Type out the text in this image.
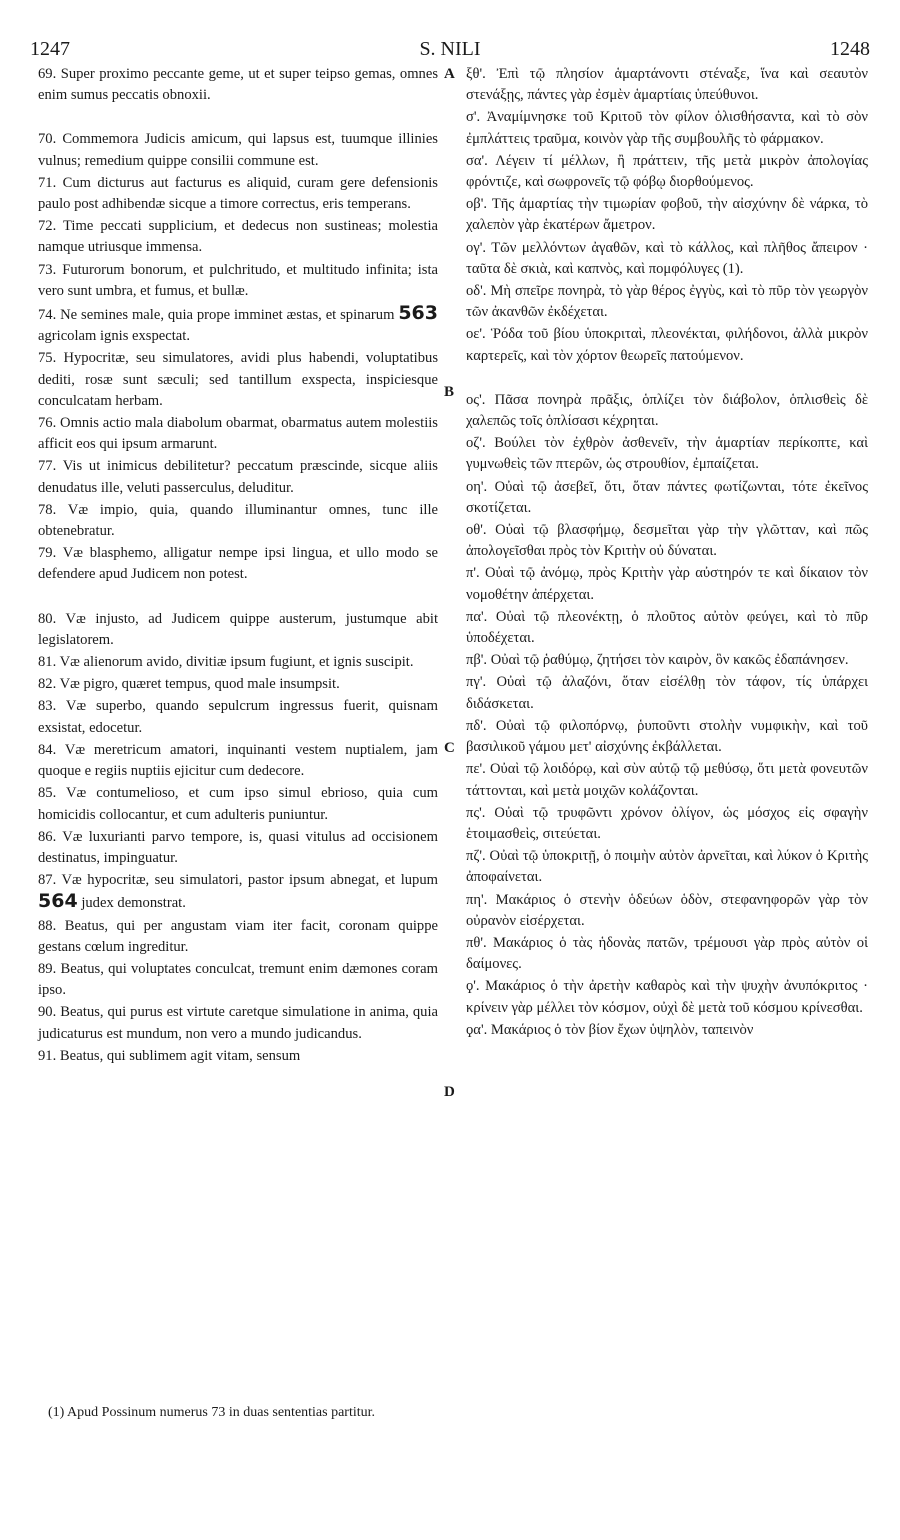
1247	S. NILI	1248

69. Super proximo peccante geme, ut et super teipso gemas, omnes enim sumus peccatis obnoxii.

70. Commemora Judicis amicum, qui lapsus est, tuumque illinies vulnus; remedium quippe consilii commune est.

71. Cum dicturus aut facturus es aliquid, curam gere defensionis paulo post adhibendæ sicque a timore correctus, eris temperans.

72. Time peccati supplicium, et dedecus non sustineas; molestia namque utriusque immensa.

73. Futurorum bonorum, et pulchritudo, et multitudo infinita; ista vero sunt umbra, et fumus, et bullæ.

74. Ne semines male, quia prope imminet æstas, et spinarum 563 agricolam ignis exspectat.

75. Hypocritæ, seu simulatores, avidi plus habendi, voluptatibus dediti, rosæ sunt sæculi; sed tantillum exspecta, inspiciesque conculcatam herbam.

76. Omnis actio mala diabolum obarmat, obarmatus autem molestiis afficit eos qui ipsum armarunt.

77. Vis ut inimicus debilitetur? peccatum præscinde, sicque aliis denudatus ille, veluti passerculus, deluditur.

78. Væ impio, quia, quando illuminantur omnes, tunc ille obtenebratur.

79. Væ blasphemo, alligatur nempe ipsi lingua, et ullo modo se defendere apud Judicem non potest.

80. Væ injusto, ad Judicem quippe austerum, justumque abit legislatorem.

81. Væ alienorum avido, divitiæ ipsum fugiunt, et ignis suscipit.

82. Væ pigro, quæret tempus, quod male insumpsit.

83. Væ superbo, quando sepulcrum ingressus fuerit, quisnam exsistat, edocetur.

84. Væ meretricum amatori, inquinanti vestem nuptialem, jam quoque e regiis nuptiis ejicitur cum dedecore.

85. Væ contumelioso, et cum ipso simul ebrioso, quia cum homicidis collocantur, et cum adulteris puniuntur.

86. Væ luxurianti parvo tempore, is, quasi vitulus ad occisionem destinatus, impinguatur.

87. Væ hypocritæ, seu simulatori, pastor ipsum abnegat, et lupum 564 judex demonstrat.

88. Beatus, qui per angustam viam iter facit, coronam quippe gestans cœlum ingreditur.

89. Beatus, qui voluptates conculcat, tremunt enim dæmones coram ipso.

90. Beatus, qui purus est virtute caretque simulatione in anima, quia judicaturus est mundum, non vero a mundo judicandus.

91. Beatus, qui sublimem agit vitam, sensum

ξθ'. Ἐπὶ τῷ πλησίον ἁμαρτάνοντι στέναξε, ἵνα καὶ σεαυτὸν στενάξῃς, πάντες γὰρ ἐσμὲν ἁμαρτίαις ὑπεύθυνοι.

σ'. Ἀναμίμνησκε τοῦ Κριτοῦ τὸν φίλον ὀλισθήσαντα, καὶ τὸ σὸν ἐμπλάττεις τραῦμα, κοινὸν γὰρ τῆς συμβουλῆς τὸ φάρμακον.

σα'. Λέγειν τί μέλλων, ἢ πράττειν, τῆς μετὰ μικρὸν ἀπολογίας φρόντιζε, καὶ σωφρονεῖς τῷ φόβῳ διορθούμενος.

οβ'. Τῆς ἁμαρτίας τὴν τιμωρίαν φοβοῦ, τὴν αἰσχύνην δὲ νάρκα, τὸ χαλεπὸν γὰρ ἑκατέρων ἄμετρον.

ογ'. Τῶν μελλόντων ἀγαθῶν, καὶ τὸ κάλλος, καὶ πλῆθος ἄπειρον · ταῦτα δὲ σκιὰ, καὶ καπνὸς, καὶ πομφόλυγες (1).

οδ'. Μὴ σπεῖρε πονηρὰ, τὸ γὰρ θέρος ἐγγὺς, καὶ τὸ πῦρ τὸν γεωργὸν τῶν ἀκανθῶν ἐκδέχεται.

οε'. Ῥόδα τοῦ βίου ὑποκριταὶ, πλεονέκται, φιλήδονοι, ἀλλὰ μικρὸν καρτερεῖς, καὶ τὸν χόρτον θεωρεῖς πατούμενον.

ος'. Πᾶσα πονηρὰ πρᾶξις, ὁπλίζει τὸν διάβολον, ὁπλισθεὶς δὲ χαλεπῶς τοῖς ὁπλίσασι κέχρηται.

οζ'. Βούλει τὸν ἐχθρὸν ἀσθενεῖν, τὴν ἁμαρτίαν περίκοπτε, καὶ γυμνωθεὶς τῶν πτερῶν, ὡς στρουθίον, ἐμπαίζεται.

οη'. Οὐαὶ τῷ ἀσεβεῖ, ὅτι, ὅταν πάντες φωτίζωνται, τότε ἐκεῖνος σκοτίζεται.

οθ'. Οὐαὶ τῷ βλασφήμῳ, δεσμεῖται γὰρ τὴν γλῶτταν, καὶ πῶς ἀπολογεῖσθαι πρὸς τὸν Κριτὴν οὐ δύναται.

π'. Οὐαὶ τῷ ἀνόμῳ, πρὸς Κριτὴν γὰρ αὐστηρόν τε καὶ δίκαιον τὸν νομοθέτην ἀπέρχεται.

πα'. Οὐαὶ τῷ πλεονέκτῃ, ὁ πλοῦτος αὐτὸν φεύγει, καὶ τὸ πῦρ ὑποδέχεται.

πβ'. Οὐαὶ τῷ ῥαθύμῳ, ζητήσει τὸν καιρὸν, ὃν κακῶς ἐδαπάνησεν.

πγ'. Οὐαὶ τῷ ἀλαζόνι, ὅταν εἰσέλθῃ τὸν τάφον, τίς ὑπάρχει διδάσκεται.

πδ'. Οὐαὶ τῷ φιλοπόρνῳ, ῥυποῦντι στολὴν νυμφικὴν, καὶ τοῦ βασιλικοῦ γάμου μετ' αἰσχύνης ἐκβάλλεται.

πε'. Οὐαὶ τῷ λοιδόρῳ, καὶ σὺν αὐτῷ τῷ μεθύσῳ, ὅτι μετὰ φονευτῶν τάττονται, καὶ μετὰ μοιχῶν κολάζονται.

πς'. Οὐαὶ τῷ τρυφῶντι χρόνον ὀλίγον, ὡς μόσχος εἰς σφαγὴν ἑτοιμασθεὶς, σιτεύεται.

πζ'. Οὐαὶ τῷ ὑποκριτῇ, ὁ ποιμὴν αὐτὸν ἀρνεῖται, καὶ λύκον ὁ Κριτὴς ἀποφαίνεται.

πη'. Μακάριος ὁ στενὴν ὁδεύων ὁδὸν, στεφανηφορῶν γὰρ τὸν οὐρανὸν εἰσέρχεται.

πθ'. Μακάριος ὁ τὰς ἡδονὰς πατῶν, τρέμουσι γὰρ πρὸς αὐτὸν οἱ δαίμονες.

ϙ'. Μακάριος ὁ τὴν ἀρετὴν καθαρὸς καὶ τὴν ψυχὴν ἀνυπόκριτος · κρίνειν γὰρ μέλλει τὸν κόσμον, οὐχὶ δὲ μετὰ τοῦ κόσμου κρίνεσθαι.

ϙα'. Μακάριος ὁ τὸν βίον ἔχων ὑψηλὸν, ταπεινὸν

A
B
C
D
(1) Apud Possinum numerus 73 in duas sententias partitur.
